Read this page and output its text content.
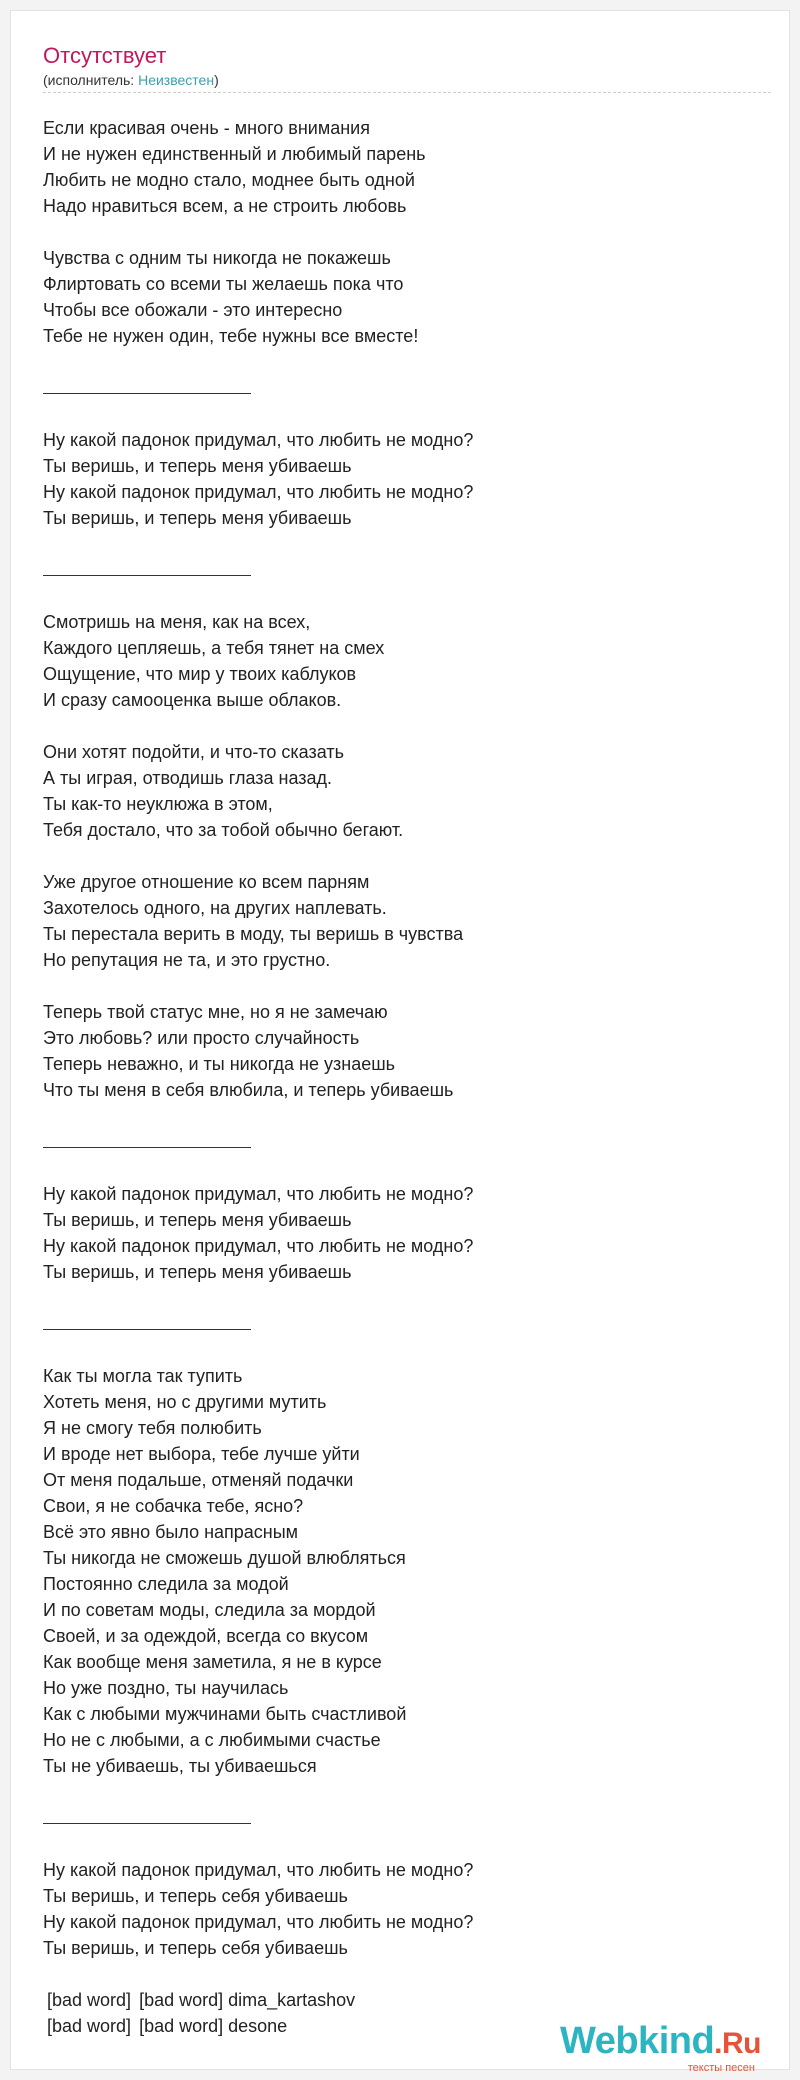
Отсутствует
(исполнитель: Неизвестен)
Если красивая очень - много внимания
И не нужен единственный и любимый парень
Любить не модно стало, моднее быть одной
Надо нравиться всем, а не строить любовь
Чувства с одним ты никогда не покажешь
Флиртовать со всеми ты желаешь пока что
Чтобы все обожали - это интересно
Тебе не нужен один, тебе нужны все вместе!
Ну какой падонок придумал, что любить не модно?
Ты веришь, и теперь меня убиваешь
Ну какой падонок придумал, что любить не модно?
Ты веришь, и теперь меня убиваешь
Смотришь на меня, как на всех,
Каждого цепляешь, а тебя тянет на смех
Ощущение, что мир у твоих каблуков
И сразу самооценка выше облаков.
Они хотят подойти, и что-то сказать
А ты играя, отводишь глаза назад.
Ты как-то неуклюжа в этом,
Тебя достало, что за тобой обычно бегают.
Уже другое отношение ко всем парням
Захотелось одного, на других наплевать.
Ты перестала верить в моду, ты веришь в чувства
Но репутация не та, и это грустно.
Теперь твой статус мне, но я не замечаю
Это любовь? или просто случайность
Теперь неважно, и ты никогда не узнаешь
Что ты меня в себя влюбила, и теперь убиваешь
Ну какой падонок придумал, что любить не модно?
Ты веришь, и теперь меня убиваешь
Ну какой падонок придумал, что любить не модно?
Ты веришь, и теперь меня убиваешь
Как ты могла так тупить
Хотеть меня, но с другими мутить
Я не смогу тебя полюбить
И вроде нет выбора, тебе лучше уйти
От меня подальше, отменяй подачки
Свои, я не собачка тебе, ясно?
Всё это явно было напрасным
Ты никогда не сможешь душой влюбляться
Постоянно следила за модой
И по советам моды, следила за мордой
Своей, и за одеждой, всегда со вкусом
Как вообще меня заметила, я не в курсе
Но уже поздно, ты научилась
Как с любыми мужчинами быть счастливой
Но не с любыми, а с любимыми счастье
Ты не убиваешь, ты убиваешься
Ну какой падонок придумал, что любить не модно?
Ты веришь, и теперь себя убиваешь
Ну какой падонок придумал, что любить не модно?
Ты веришь, и теперь себя убиваешь
[bad word] [bad word] dima_kartashov
[bad word] [bad word] desone	Webkind.Ru
тексты песен
